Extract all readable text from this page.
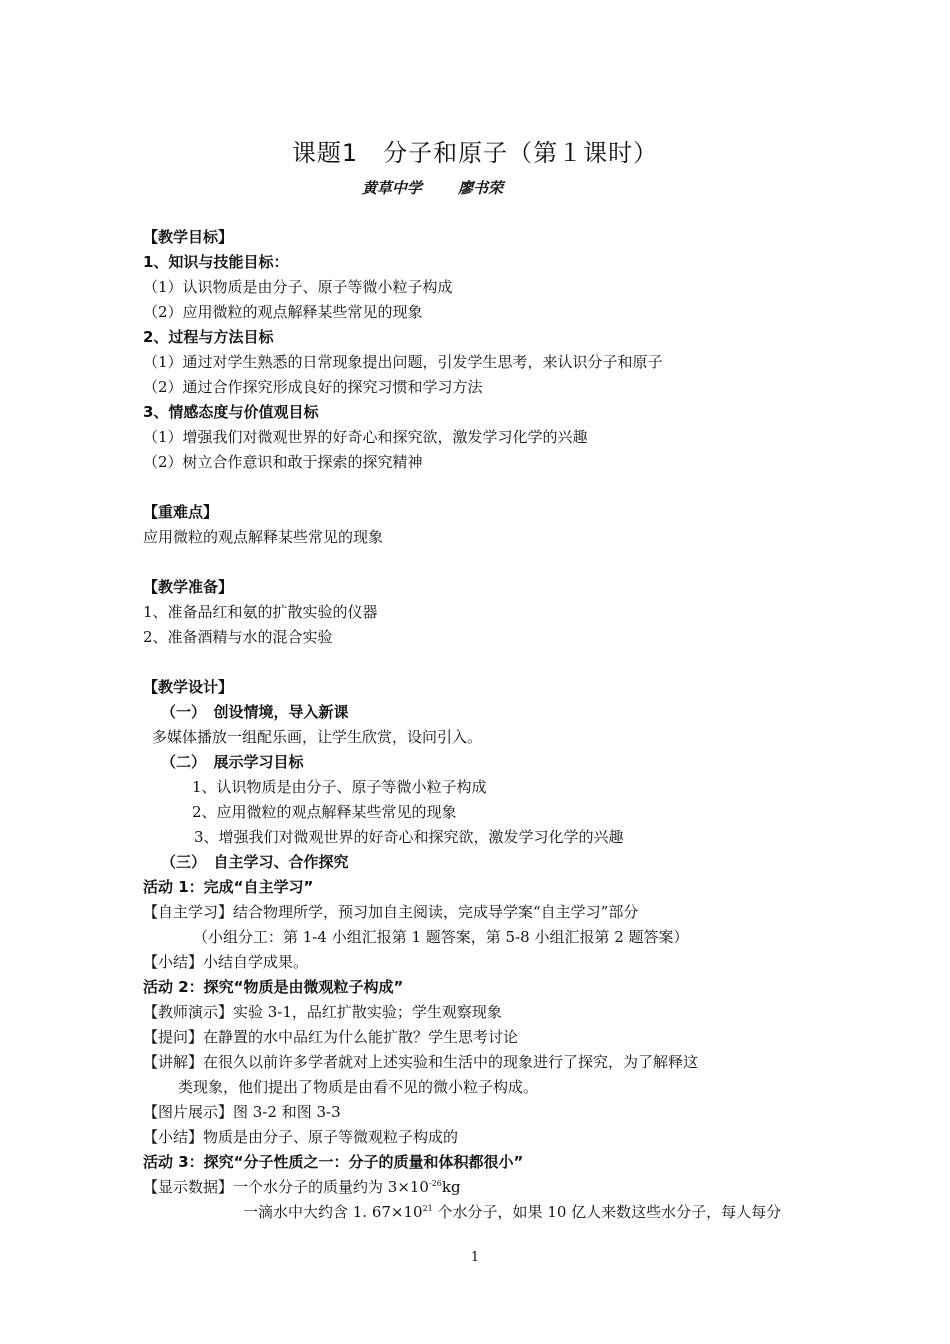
课题1　分子和原子（第１课时）
黄草中学　 廖书荣
【教学目标】
1、知识与技能目标：
（1）认识物质是由分子、原子等微小粒子构成
（2）应用微粒的观点解释某些常见的现象
2、过程与方法目标
（1）通过对学生熟悉的日常现象提出问题，引发学生思考，来认识分子和原子
（2）通过合作探究形成良好的探究习惯和学习方法
3、情感态度与价值观目标
（1）增强我们对微观世界的好奇心和探究欲，激发学习化学的兴趣
（2）树立合作意识和敢于探索的探究精神
【重难点】
应用微粒的观点解释某些常见的现象
【教学准备】
1、准备品红和氨的扩散实验的仪器
2、准备酒精与水的混合实验
【教学设计】
（一）　创设情境，导入新课
多媒体播放一组配乐画，让学生欣赏，设问引入。
（二）　展示学习目标
1、认识物质是由分子、原子等微小粒子构成
2、应用微粒的观点解释某些常见的现象
3、增强我们对微观世界的好奇心和探究欲，激发学习化学的兴趣
（三）　自主学习、合作探究
活动 1：完成“自主学习”
【自主学习】结合物理所学，预习加自主阅读，完成导学案“自主学习”部分
（小组分工：第 1-4 小组汇报第 1 题答案，第 5-8 小组汇报第 2 题答案）
【小结】小结自学成果。
活动 2：探究“物质是由微观粒子构成”
【教师演示】实验 3-1，品红扩散实验；学生观察现象
【提问】在静置的水中品红为什么能扩散？学生思考讨论
【讲解】在很久以前许多学者就对上述实验和生活中的现象进行了探究，为了解释这
类现象，他们提出了物质是由看不见的微小粒子构成。
【图片展示】图 3-2 和图 3-3
【小结】物质是由分子、原子等微观粒子构成的
活动 3：探究“分子性质之一：分子的质量和体积都很小”
【显示数据】一个水分子的质量约为 $3\times 10^{-26}kg$
一滴水中大约含 1. $67\times 10^{21}$ 个水分子，如果 10 亿人来数这些水分子，每人每分
1
